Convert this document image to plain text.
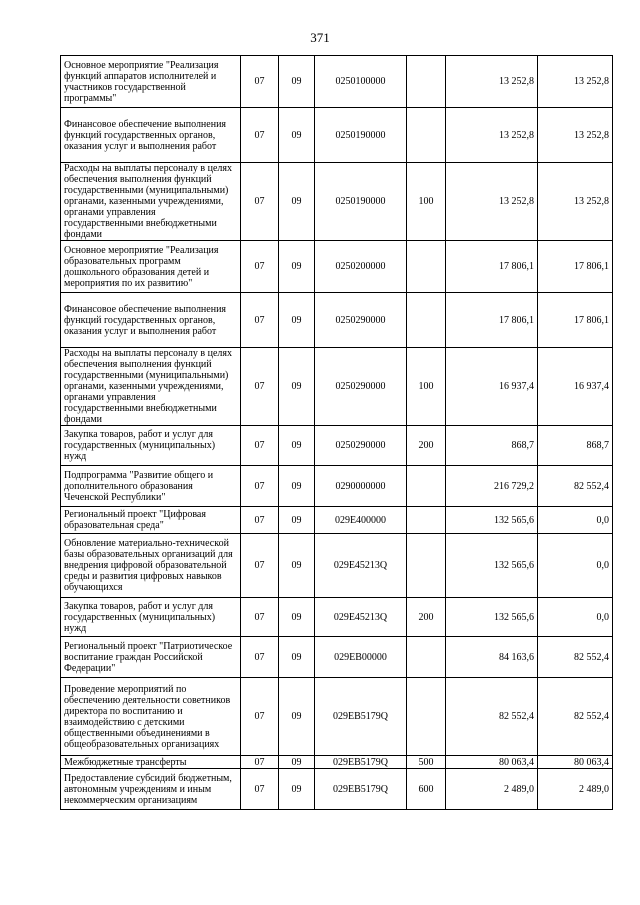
371
Основное мероприятие "Реализация функций аппаратов исполнителей и участников государственной программы"	07	09	0250100000		13 252,8	13 252,8
Финансовое обеспечение выполнения функций государственных органов, оказания услуг и выполнения работ	07	09	0250190000		13 252,8	13 252,8
Расходы на выплаты персоналу в целях обеспечения выполнения функций государственными (муниципальными) органами, казенными учреждениями, органами управления государственными внебюджетными фондами	07	09	0250190000	100	13 252,8	13 252,8
Основное мероприятие "Реализация образовательных программ дошкольного образования детей и мероприятия по их развитию"	07	09	0250200000		17 806,1	17 806,1
Финансовое обеспечение выполнения функций государственных органов, оказания услуг и выполнения работ	07	09	0250290000		17 806,1	17 806,1
Расходы на выплаты персоналу в целях обеспечения выполнения функций государственными (муниципальными) органами, казенными учреждениями, органами управления государственными внебюджетными фондами	07	09	0250290000	100	16 937,4	16 937,4
Закупка товаров, работ и услуг для государственных (муниципальных) нужд	07	09	0250290000	200	868,7	868,7
Подпрограмма "Развитие общего и дополнительного образования Чеченской Республики"	07	09	0290000000		216 729,2	82 552,4
Региональный проект "Цифровая образовательная среда"	07	09	029E400000		132 565,6	0,0
Обновление материально-технической базы образовательных организаций для внедрения цифровой образовательной среды и развития цифровых навыков обучающихся	07	09	029E45213Q		132 565,6	0,0
Закупка товаров, работ и услуг для государственных (муниципальных) нужд	07	09	029E45213Q	200	132 565,6	0,0
Региональный проект "Патриотическое воспитание граждан Российской Федерации"	07	09	029EB00000		84 163,6	82 552,4
Проведение мероприятий по обеспечению деятельности советников директора по воспитанию и взаимодействию с детскими общественными объединениями в общеобразовательных организациях	07	09	029EB5179Q		82 552,4	82 552,4
Межбюджетные трансферты	07	09	029EB5179Q	500	80 063,4	80 063,4
Предоставление субсидий бюджетным, автономным учреждениям и иным некоммерческим организациям	07	09	029EB5179Q	600	2 489,0	2 489,0
